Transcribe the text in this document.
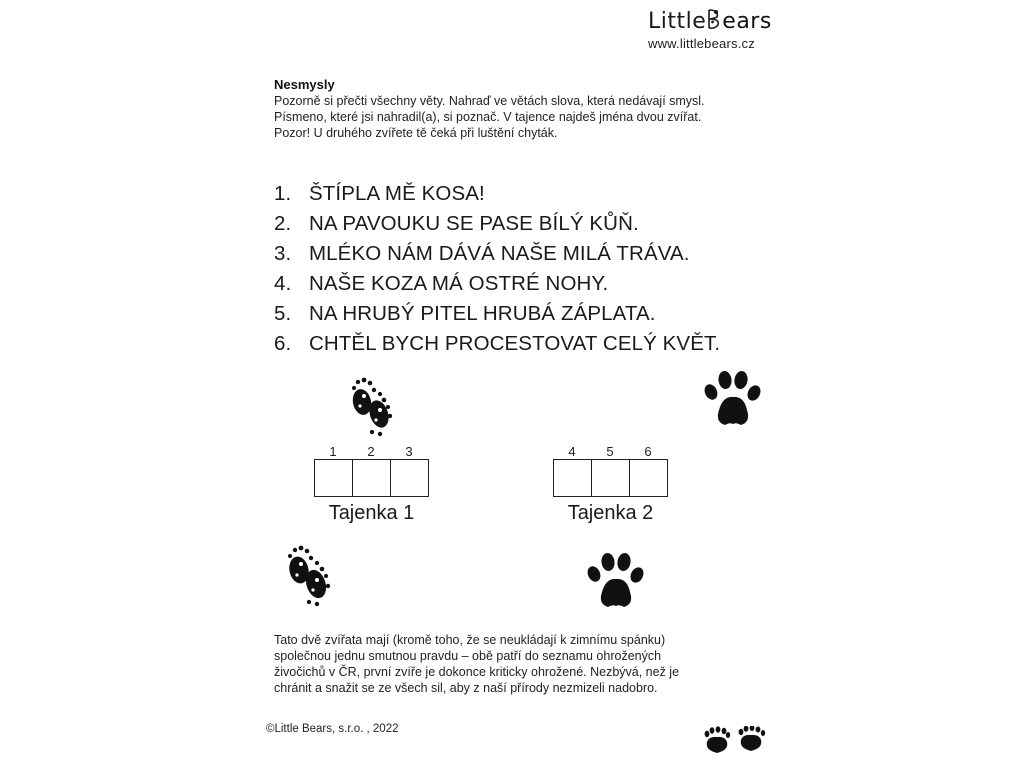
Little
ears
www.littlebears.cz
Nesmysly
Pozorně si přečti všechny věty. Nahraď ve větách slova, která nedávají smysl.
Písmeno, které jsi nahradil(a), si poznač. V tajence najdeš jména dvou zvířat.
Pozor! U druhého zvířete tě čeká při luštění chyták.
1. ŠTÍPLA MĚ KOSA!
2. NA PAVOUKU SE PASE BÍLÝ KŮŇ.
3. MLÉKO NÁM DÁVÁ NAŠE MILÁ TRÁVA.
4. NAŠE KOZA MÁ OSTRÉ NOHY.
5. NA HRUBÝ PITEL HRUBÁ ZÁPLATA.
6. CHTĚL BYCH PROCESTOVAT CELÝ KVĚT.
1	2	3
Tajenka 1
4	5	6
Tajenka 2
Tato dvě zvířata mají (kromě toho, že se neukládají k zimnímu spánku)
společnou jednu smutnou pravdu – obě patří do seznamu ohrožených
živočichů v ČR, první zvíře je dokonce kriticky ohrožené. Nezbývá, než je
chránit a snažit se ze všech sil, aby z naší přírody nezmizeli nadobro.
©Little Bears, s.r.o. , 2022
